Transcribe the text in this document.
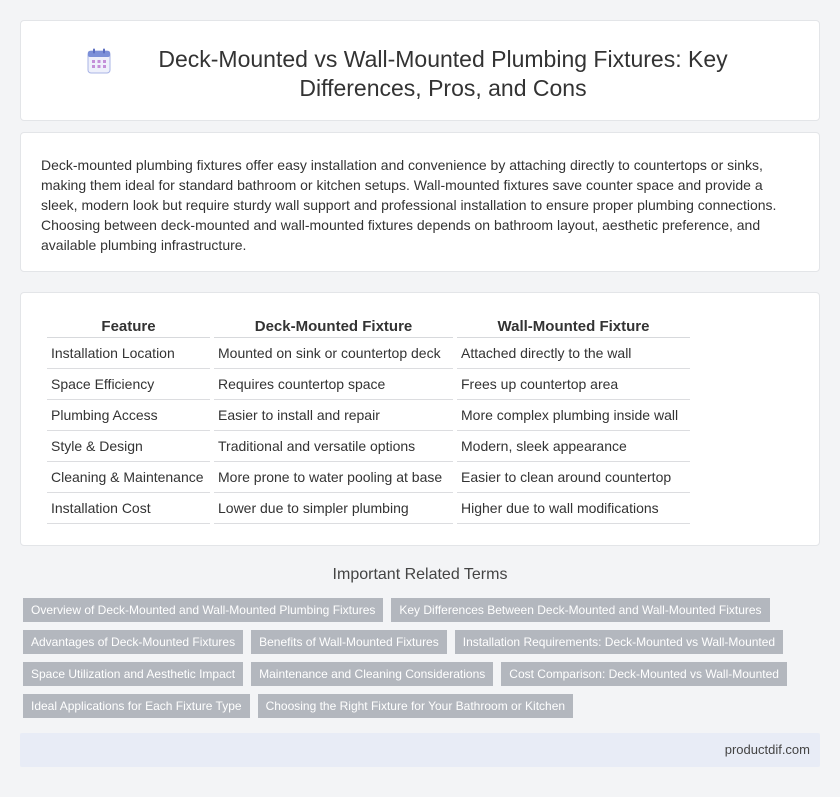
Deck-Mounted vs Wall-Mounted Plumbing Fixtures: Key Differences, Pros, and Cons

Deck-mounted plumbing fixtures offer easy installation and convenience by attaching directly to countertops or sinks, making them ideal for standard bathroom or kitchen setups. Wall-mounted fixtures save counter space and provide a sleek, modern look but require sturdy wall support and professional installation to ensure proper plumbing connections. Choosing between deck-mounted and wall-mounted fixtures depends on bathroom layout, aesthetic preference, and available plumbing infrastructure.

Feature	Deck-Mounted Fixture	Wall-Mounted Fixture
Installation Location	Mounted on sink or countertop deck	Attached directly to the wall
Space Efficiency	Requires countertop space	Frees up countertop area
Plumbing Access	Easier to install and repair	More complex plumbing inside wall
Style & Design	Traditional and versatile options	Modern, sleek appearance
Cleaning & Maintenance	More prone to water pooling at base	Easier to clean around countertop
Installation Cost	Lower due to simpler plumbing	Higher due to wall modifications
Important Related Terms
Overview of Deck-Mounted and Wall-Mounted Plumbing Fixtures	Key Differences Between Deck-Mounted and Wall-Mounted Fixtures
Advantages of Deck-Mounted Fixtures	Benefits of Wall-Mounted Fixtures	Installation Requirements: Deck-Mounted vs Wall-Mounted
Space Utilization and Aesthetic Impact	Maintenance and Cleaning Considerations	Cost Comparison: Deck-Mounted vs Wall-Mounted
Ideal Applications for Each Fixture Type	Choosing the Right Fixture for Your Bathroom or Kitchen
productdif.com
